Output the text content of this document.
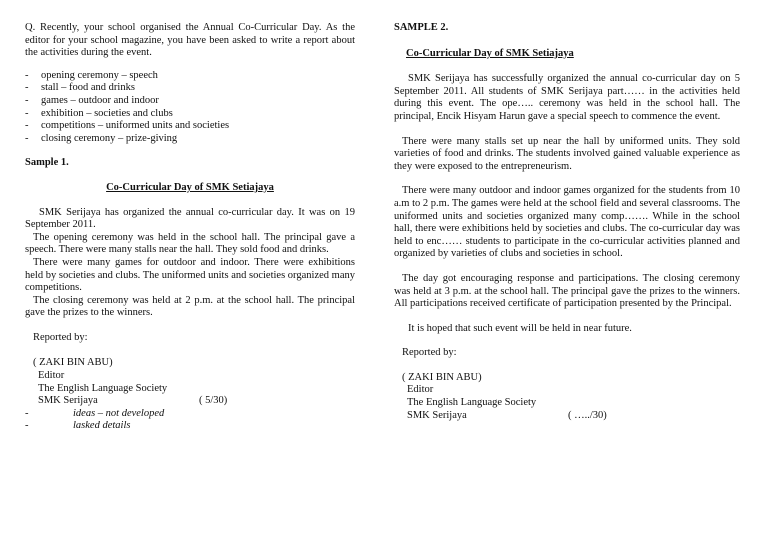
Q. Recently, your school organised the Annual Co-Curricular Day. As the editor for your school magazine, you have been asked to write a report about the activities during the event.

-	opening ceremony – speech
-	stall – food and drinks
-	games – outdoor and indoor
-	exhibition – societies and clubs
-	competitions – uniformed units and societies
-	closing ceremony – prize-giving

Sample 1.

Co-Curricular Day of SMK Setiajaya

SMK Serijaya has organized the annual co-curricular day. It was on 19 September 2011.

The opening ceremony was held in the school hall. The principal gave a speech. There were many stalls near the hall. They sold food and drinks.

There were many games for outdoor and indoor. There were exhibitions held by societies and clubs. The uniformed units and societies organized many competitions.

The closing ceremony was held at 2 p.m. at the school hall. The principal gave the prizes to the winners.

Reported by:

( ZAKI BIN ABU)

Editor

The English Language Society

SMK Serijaya	( 5/30)
-	ideas – not developed
-	lasked details

SAMPLE 2.

Co-Curricular Day of SMK Setiajaya

SMK Serijaya has successfully organized the annual co-curricular day on 5 September 2011. All students of SMK Serijaya part…… in the activities held during this event. The ope….. ceremony was held in the school hall. The principal, Encik Hisyam Harun gave a special speech to commence the event.

There were many stalls set up near the hall by uniformed units. They sold varieties of food and drinks. The students involved gained valuable experience as they were exposed to the entrepreneurism.

There were many outdoor and indoor games organized for the students from 10 a.m to 2 p.m. The games were held at the school field and several classrooms. The uniformed units and societies organized many comp……. While in the school hall, there were exhibitions held by societies and clubs. The co-curricular day was held to enc…… students to participate in the co-curricular activities planned and organized by varieties of clubs and societies in school.

The day got encouraging response and participations. The closing ceremony was held at 3 p.m. at the school hall. The principal gave the prizes to the winners. All participations received certificate of participation presented by the Principal.

It is hoped that such event will be held in near future.

Reported by:

( ZAKI BIN ABU)

Editor

The English Language Society

SMK Serijaya	( …../30)
